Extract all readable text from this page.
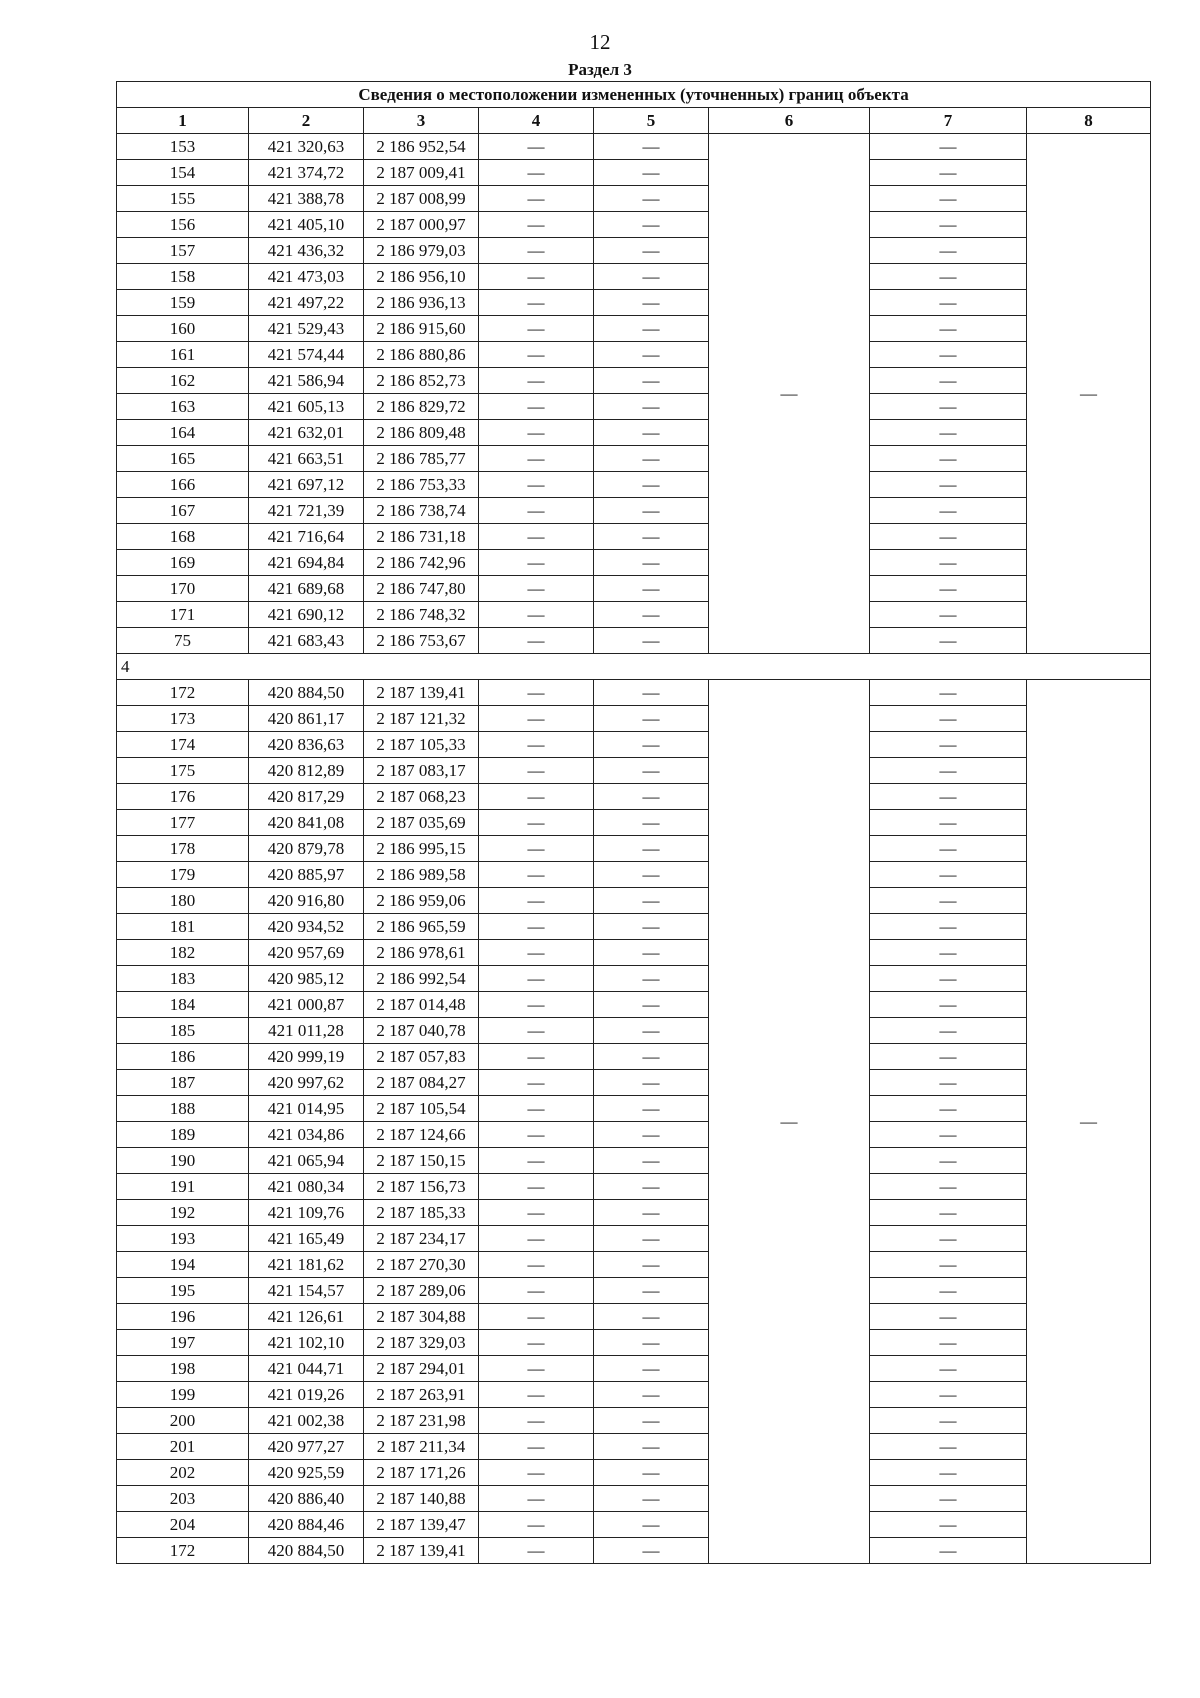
12
Раздел 3
Сведения о местоположении измененных (уточненных) границ объекта							
1	2	3	4	5	6	7	8
153	421 320,63	2 186 952,54	—	—	—	—	—
154	421 374,72	2 187 009,41	—	—		—	
155	421 388,78	2 187 008,99	—	—		—	
156	421 405,10	2 187 000,97	—	—		—	
157	421 436,32	2 186 979,03	—	—		—	
158	421 473,03	2 186 956,10	—	—		—	
159	421 497,22	2 186 936,13	—	—		—	
160	421 529,43	2 186 915,60	—	—		—	
161	421 574,44	2 186 880,86	—	—		—	
162	421 586,94	2 186 852,73	—	—		—	
163	421 605,13	2 186 829,72	—	—		—	
164	421 632,01	2 186 809,48	—	—		—	
165	421 663,51	2 186 785,77	—	—		—	
166	421 697,12	2 186 753,33	—	—		—	
167	421 721,39	2 186 738,74	—	—		—	
168	421 716,64	2 186 731,18	—	—		—	
169	421 694,84	2 186 742,96	—	—		—	
170	421 689,68	2 186 747,80	—	—		—	
171	421 690,12	2 186 748,32	—	—		—	
75	421 683,43	2 186 753,67	—	—		—	
4							
172	420 884,50	2 187 139,41	—	—	—	—	—
173	420 861,17	2 187 121,32	—	—		—	
174	420 836,63	2 187 105,33	—	—		—	
175	420 812,89	2 187 083,17	—	—		—	
176	420 817,29	2 187 068,23	—	—		—	
177	420 841,08	2 187 035,69	—	—		—	
178	420 879,78	2 186 995,15	—	—		—	
179	420 885,97	2 186 989,58	—	—		—	
180	420 916,80	2 186 959,06	—	—		—	
181	420 934,52	2 186 965,59	—	—		—	
182	420 957,69	2 186 978,61	—	—		—	
183	420 985,12	2 186 992,54	—	—		—	
184	421 000,87	2 187 014,48	—	—		—	
185	421 011,28	2 187 040,78	—	—		—	
186	420 999,19	2 187 057,83	—	—		—	
187	420 997,62	2 187 084,27	—	—		—	
188	421 014,95	2 187 105,54	—	—		—	
189	421 034,86	2 187 124,66	—	—		—	
190	421 065,94	2 187 150,15	—	—		—	
191	421 080,34	2 187 156,73	—	—		—	
192	421 109,76	2 187 185,33	—	—		—	
193	421 165,49	2 187 234,17	—	—		—	
194	421 181,62	2 187 270,30	—	—		—	
195	421 154,57	2 187 289,06	—	—		—	
196	421 126,61	2 187 304,88	—	—		—	
197	421 102,10	2 187 329,03	—	—		—	
198	421 044,71	2 187 294,01	—	—		—	
199	421 019,26	2 187 263,91	—	—		—	
200	421 002,38	2 187 231,98	—	—		—	
201	420 977,27	2 187 211,34	—	—		—	
202	420 925,59	2 187 171,26	—	—		—	
203	420 886,40	2 187 140,88	—	—		—	
204	420 884,46	2 187 139,47	—	—		—	
172	420 884,50	2 187 139,41	—	—		—	
